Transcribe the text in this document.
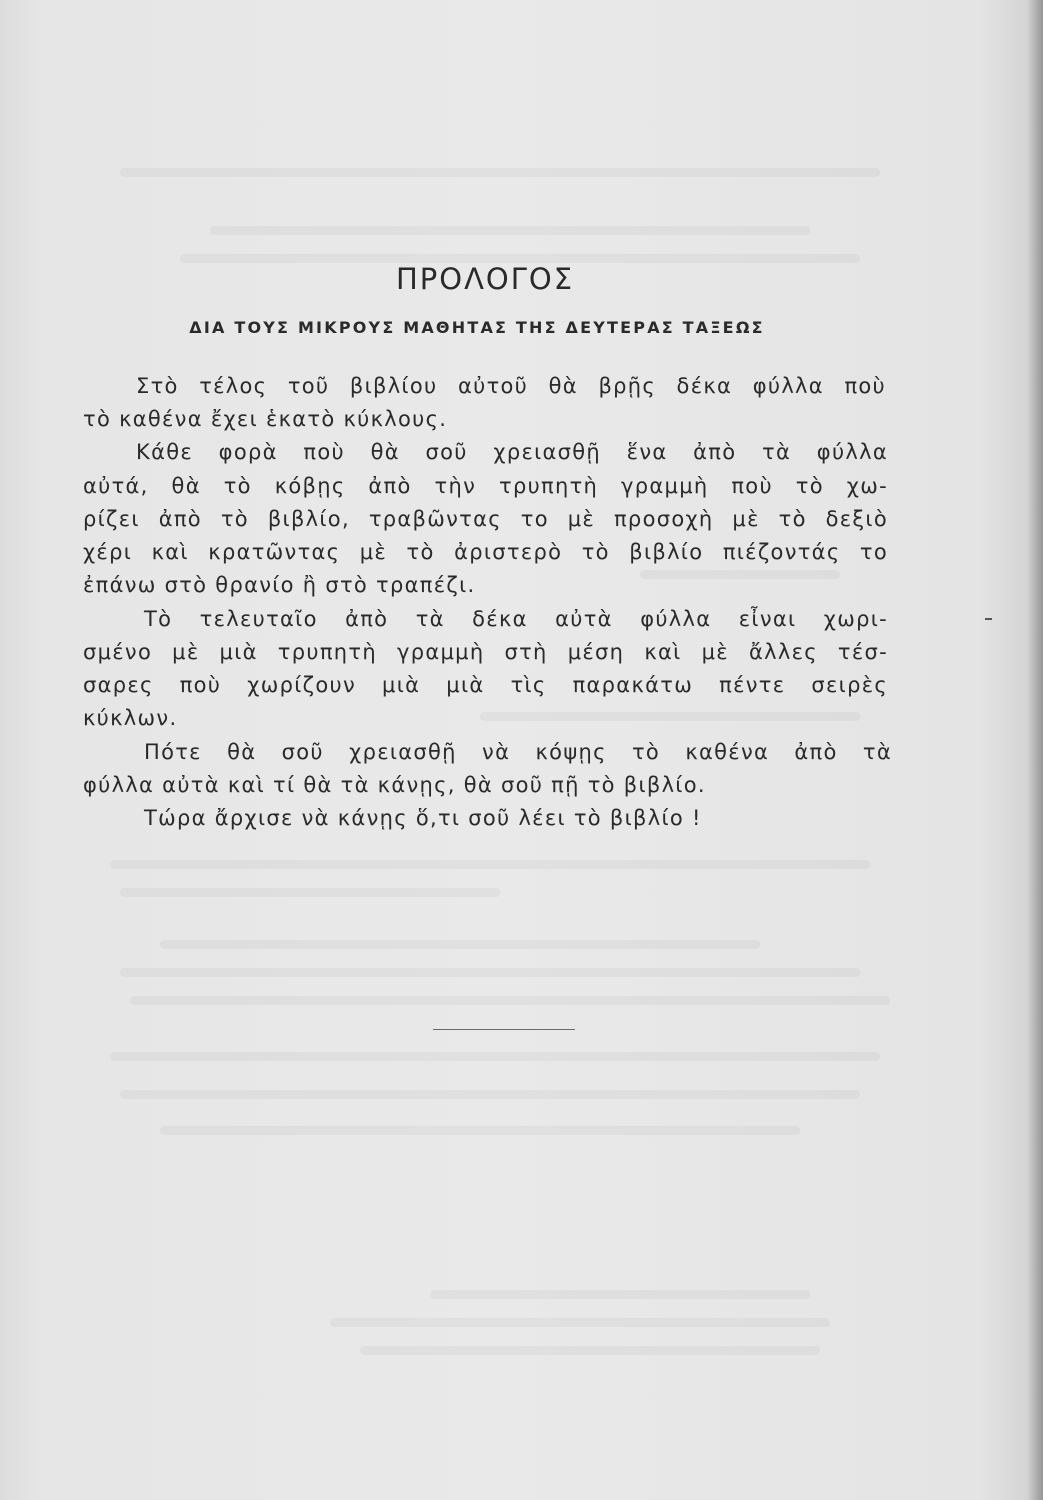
ΠΡΟΛΟΓΟΣ
ΔΙΑ ΤΟΥΣ ΜΙΚΡΟΥΣ ΜΑΘΗΤΑΣ ΤΗΣ ΔΕΥΤΕΡΑΣ ΤΑΞΕΩΣ

Στὸ τέλος τοῦ βιβλίου αὐτοῦ θὰ βρῇς δέκα φύλλα ποὺ

τὸ καθένα ἔχει ἑκατὸ κύκλους.

Κάθε φορὰ ποὺ θὰ σοῦ χρειασθῇ ἕνα ἀπὸ τὰ φύλλα

αὐτά, θὰ τὸ κόβῃς ἀπὸ τὴν τρυπητὴ γραμμὴ ποὺ τὸ χω-

ρίζει ἀπὸ τὸ βιβλίο, τραβῶντας το μὲ προσοχὴ μὲ τὸ δεξιὸ

χέρι καὶ κρατῶντας μὲ τὸ ἀριστερὸ τὸ βιβλίο πιέζοντάς το

ἐπάνω στὸ θρανίο ἢ στὸ τραπέζι.

Τὸ τελευταῖο ἀπὸ τὰ δέκα αὐτὰ φύλλα εἶναι χωρι-

σμένο μὲ μιὰ τρυπητὴ γραμμὴ στὴ μέση καὶ μὲ ἄλλες τέσ-

σαρες ποὺ χωρίζουν μιὰ μιὰ τὶς παρακάτω πέντε σειρὲς

κύκλων.

Πότε θὰ σοῦ χρειασθῇ νὰ κόψῃς τὸ καθένα ἀπὸ τὰ

φύλλα αὐτὰ καὶ τί θὰ τὰ κάνῃς, θὰ σοῦ πῇ τὸ βιβλίο.

Τώρα ἄρχισε νὰ κάνῃς ὅ,τι σοῦ λέει τὸ βιβλίο !
